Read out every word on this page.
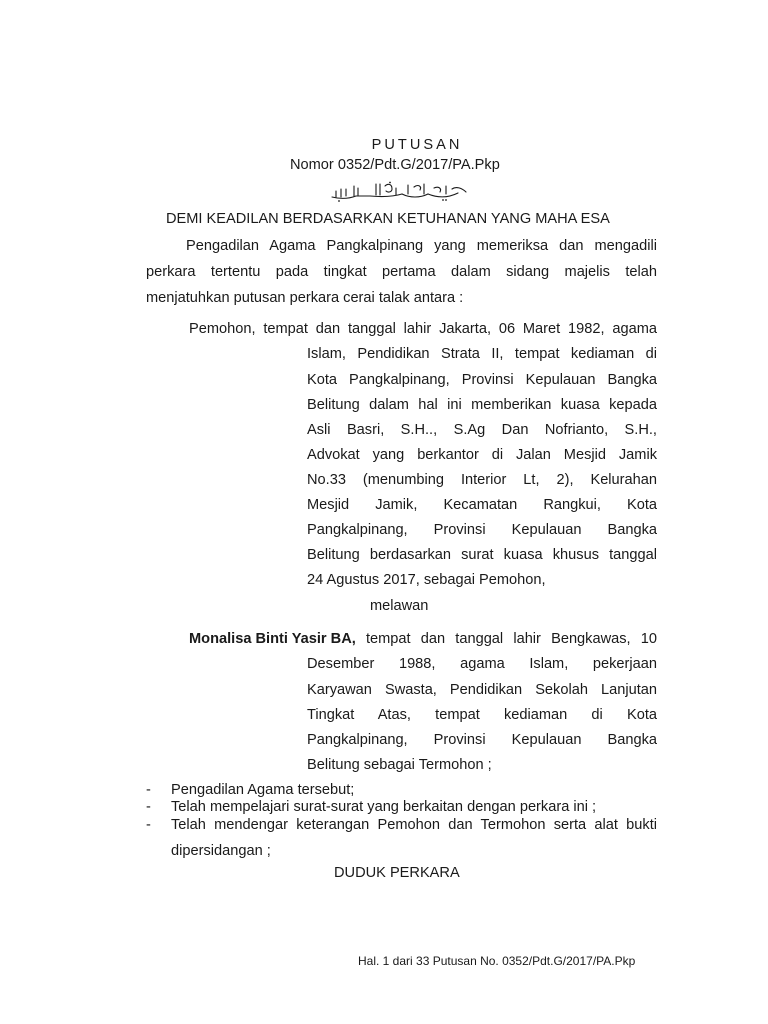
PUTUSAN
Nomor 0352/Pdt.G/2017/PA.Pkp
DEMI KEADILAN BERDASARKAN KETUHANAN YANG MAHA ESA
Pengadilan Agama Pangkalpinang yang memeriksa dan mengadili
perkara tertentu pada tingkat pertama dalam sidang majelis telah
menjatuhkan putusan perkara cerai talak antara :
Pemohon, tempat dan tanggal lahir Jakarta, 06 Maret 1982, agama
Islam, Pendidikan Strata II, tempat kediaman di
Kota Pangkalpinang, Provinsi Kepulauan Bangka
Belitung dalam hal ini memberikan kuasa kepada
Asli Basri, S.H.., S.Ag Dan Nofrianto, S.H.,
Advokat yang berkantor di Jalan Mesjid Jamik
No.33 (menumbing Interior Lt, 2), Kelurahan
Mesjid Jamik, Kecamatan Rangkui, Kota
Pangkalpinang, Provinsi Kepulauan Bangka
Belitung berdasarkan surat kuasa khusus tanggal
24 Agustus 2017, sebagai Pemohon,
melawan
Monalisa Binti Yasir BA, tempat dan tanggal lahir Bengkawas, 10
Desember 1988, agama Islam, pekerjaan
Karyawan Swasta, Pendidikan Sekolah Lanjutan
Tingkat Atas, tempat kediaman di Kota
Pangkalpinang, Provinsi Kepulauan Bangka
Belitung sebagai Termohon ;
- Pengadilan Agama tersebut;
- Telah mempelajari surat-surat yang berkaitan dengan perkara ini ;
- Telah mendengar keterangan Pemohon dan Termohon serta alat bukti
dipersidangan ;
DUDUK PERKARA
Hal. 1 dari 33 Putusan No. 0352/Pdt.G/2017/PA.Pkp
